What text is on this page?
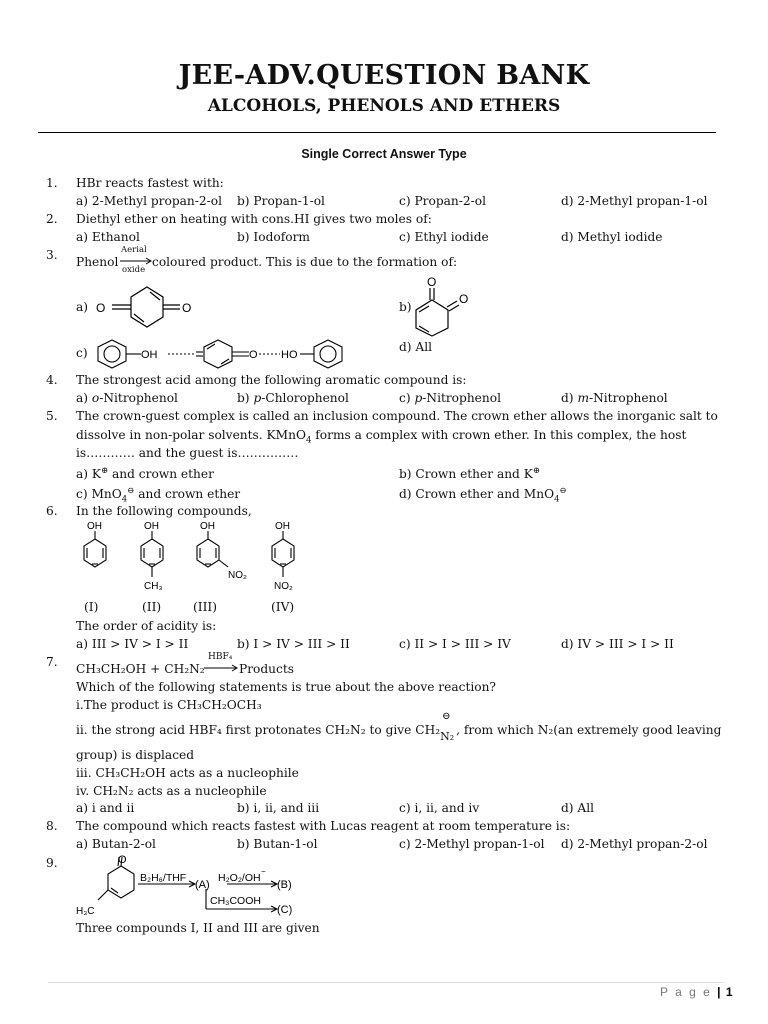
JEE-ADV.QUESTION BANK
ALCOHOLS, PHENOLS AND ETHERS
Single Correct Answer Type
1. HBr reacts fastest with:
a) 2-Methyl propan-2-ol b) Propan-1-ol	c) Propan-2-ol	d) 2-Methyl propan-1-ol
2. Diethyl ether on heating with cons.HI gives two moles of:
a) Ethanol	b) Iodoform	c) Ethyl iodide	d) Methyl iodide
3. Phenol
Aerial
oxide
coloured product. This is due to the formation of:
a) O	O	b)
O
O
c)	OH	O HO
d) All
4. The strongest acid among the following aromatic compound is:
a) o-Nitrophenol	b) p-Chlorophenol	c) p-Nitrophenol	d) m-Nitrophenol
5. The crown-guest complex is called an inclusion compound. The crown ether allows the inorganic salt to
dissolve in non-polar solvents. KMnO$_4$ forms a complex with crown ether. In this complex, the host
is………… and the guest is……………
a) K⊕ and crown ether	b) Crown ether and K⊕
c) MnO$_4$⊖ and crown ether	d) Crown ether and MnO$_4$⊖
6. In the following compounds,
OH	OH	OH	OH
CH₃
NO₂
NO₂
(I)	(II)	(III)	(IV)
The order of acidity is:
a) III > IV > I > II	b) I > IV > III > II	c) II > I > III > IV	d) IV > III > I > II
7. CH₃CH₂OH + CH₂N₂
HBF₄
→ Products
Which of the following statements is true about the above reaction?
i.The product is CH₃CH₂OCH₃
ii. the strong acid HBF₄ first protonates CH₂N₂ to give CH₂
⊖
N₂ , from which N₂(an extremely good leaving
group) is displaced
iii. CH₃CH₂OH acts as a nucleophile
iv. CH₂N₂ acts as a nucleophile
a) i and ii	b) i, ii, and iii	c) i, ii, and iv	d) All
8. The compound which reacts fastest with Lucas reagent at room temperature is:
a) Butan-2-ol	b) Butan-1-ol	c) 2-Methyl propan-1-ol d) 2-Methyl propan-2-ol
9.	O
H₃C
B₂H₆/THF
(A)
H₂O₂/OH
−
(B)
CH₃COOH
(C)
Three compounds I, II and III are given
P a g e | 1
